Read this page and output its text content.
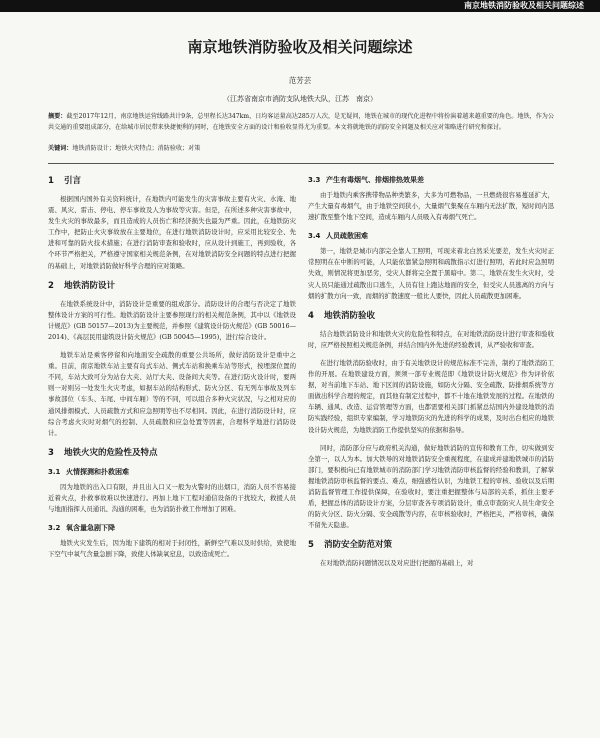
南京地铁消防验收及相关问题综述
南京地铁消防验收及相关问题综述
范芳芸
（江苏省南京市消防支队地铁大队，江苏　南京）
摘要：截至2017年12月，南京地铁运营线路共计9条，总里程长达347km，日均客运量高达285万人次，是无疑问，地铁在城市的现代化进程中将扮演着越来越重要的角色。地铁，作为公共交通的重要组成部分，在给城市居民带来快捷便利的同时，在地铁安全方面的设计和验收显得尤为重要。本文将就地铁的消防安全问题及相关应对策略进行研究和探讨。
关键词：地铁消防设计；地铁火灾特点；消防验收；对策
1 引言

根据国内国外有关资料统计，在地铁内可能发生的灾害事故主要有火灾、水淹、地震、风灾、雷击、停电、停车事故及人为事故等灾害。但是，在所述多种灾害事故中，发生火灾的事故最多，而且造成的人员伤亡和经济损失也最为严重。因此，在地铁防灾工作中，把防止火灾事故放在主要地位，在进行地铁消防设计时，应采用比较安全、先进和可靠的防火技术措施；在进行消防审查和验收时，应从设计到施工，再到验收，各个环节严格把关，严格遵守国家相关规范条例，在对地铁消防安全问题的特点进行把握的基础上，对地铁消防做好科学合理的应对策略。

2 地铁消防设计

在地铁系统设计中，消防设计是重要的组成部分。消防设计的合理与否决定了地铁整体设计方案的可行性。地铁消防设计主要参照现行的相关规范条例，其中以《地铁设计规范》(GB 50157—2013)为主要规范，并参照《建筑设计防火规范》(GB 50016—2014)、《高层民用建筑设计防火规范》(GB 50045—1995)，进行综合设计。

地铁车站是乘客停留和向地面安全疏散的重要公共场所，做好消防设计是重中之重。目前，南京地铁车站主要有岛式车站、侧式车站和换乘车站等形式，按埋深位置的不同，车站大致可分为站台大夹、站厅大夹、设备间大夹等。在进行防火设计时，要两则一对则另一处发生火灾考虑，如据车站的结构形式、防火分区、有无列车事故及列车事故部位（车头、车尾、中间车厢）等的不同，可以组合多种火灾状况，与之相对应的通风排烟模式、人员疏散方式和应急照明等也不尽相同。因此，在进行消防设计时，应综合考虑火灾时对烟气的控制、人员疏散和应急处置等因素，合理科学地进行消防设计。

3 地铁火灾的危险性及特点
3.1 火情探测和扑救困难

因为地铁的出入口有限，并且出入口又一般为火警时的出烟口，消防人员不容易接近着火点，扑救事故难以快速进行。再加上地下工程对通信设备的干扰较大，救援人员与地面指挥人员通讯、沟通的困难，也为消防扑救工作增加了困难。

3.2 氧含量急剧下降

地铁火灾发生后，因为地下建筑的相对于封闭性，新鲜空气难以及时供给，致使地下空气中氧气含量急剧下降，致使人体缺氧窒息，以致造成死亡。

3.3 产生有毒烟气、排烟排热效果差

由于地铁内乘客携带物品种类繁多，大多为可燃物品，一旦燃烧很容易蔓延扩大，产生大量有毒烟气，由于地铁空间狭小，大量烟气集聚在车厢内无法扩散，短时间内迅速扩散至整个地下空间，造成车厢内人员吸入有毒烟气死亡。

3.4 人员疏散困难

第一，地铁是城市内部完全靠人工照明，可现来着北白然采光要差，发生火灾时正常照明在在中断的可能，人只能依靠紧急照明和疏散指示灯进行照明，若此时应急照明失效，则情况将更加恶劣，受灾人群将完全置于黑暗中。第二，地铁在发生火灾时，受灾人员只能通过疏散出口逃生，人员有往上跑达地面的安全，但受灾人员逃离的方向与烟的扩散方向一致，而烟的扩散速度一般比人要快，因此人员疏散更加困难。

4 地铁消防验收

结合地铁消防设计和地铁火灾的危险性和特点，在对地铁消防设计进行审查和验收时，应严格按照相关规范条例，并结合国内外先进的经验教训，从严验收和审查。

在进行地铁消防验收时，由于有关地铁设计的规范标准不完善，制约了地铁消防工作的开展。在地铁建设方面，须须一部专业规范即《地铁设计防火规范》作为评价依据，对当前地下车站、地下区间的消防设施，如防火分隔、安全疏散、防排烟系统等方面做出科学合理的规定，而其他有制定过程中，都不十地在地铁发展的过程。在地铁的车辆、通风、改造、运营管理等方面，也都需要相关部门抓紧总结国内外建设地铁的消防实践经验，组织专家编制，学习地铁防灾的先进的科学的成果，及时出台相应的地铁设计防火规范，为地铁消防工作提供坚实的依据和指导。

同时，消防部分应与政府机关沟通，做好地铁消防的宣传和教育工作，切实做到安全第一，以人为本。加大铁导的对地铁消防安全重视程度，在建成并建地铁城市的消防部门，要积极向已有地铁城市的消防部门学习地铁消防审核监督的经验和教训，了解掌握地铁消防审核监督的要点、难点，细强感性认识，为地铁工程的审核、验收以及后期消防监督管理工作提供保障，在验收时，要注重把握整体与局部的关系，抓住主要矛盾，把握总体的消防设计方案，分层审查各专项消防设计，重点审查防灾人员生命安全的防火分区、防火分隔、安全疏散等内容，在审核验收时，严格把关，严格审核，确保不留先天隐患。

5 消防安全防范对策

在对地铁消防问题情况以及对应进行把握的基础上，对
